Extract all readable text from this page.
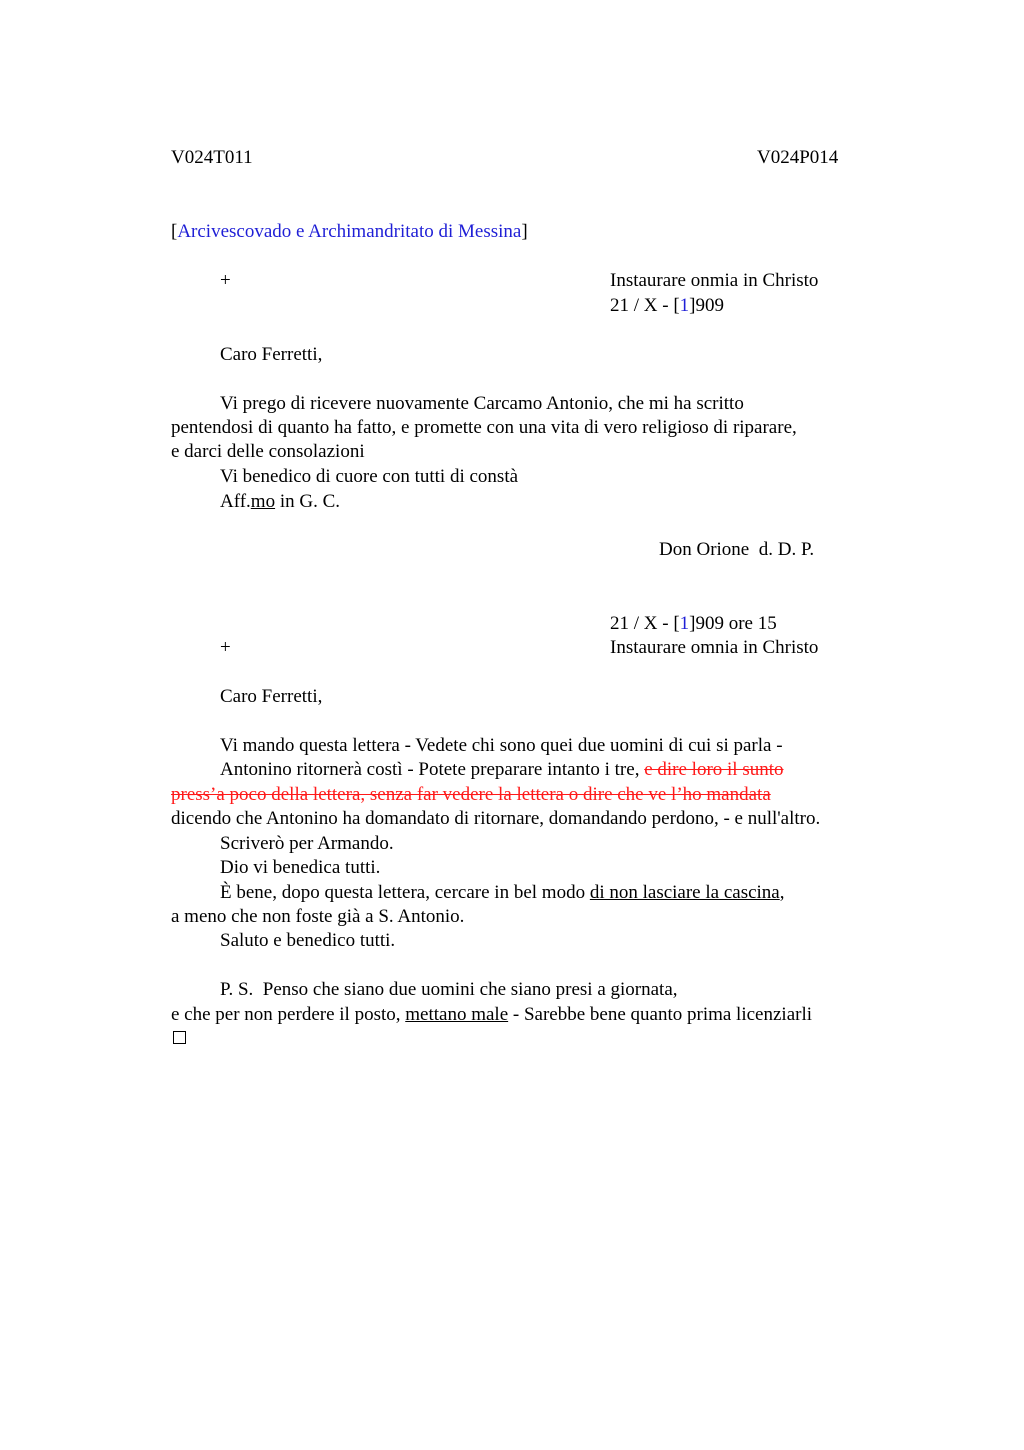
V024T011	V024P014
[Arcivescovado e Archimandritato di Messina]
+	Instaurare onmia in Christo
21 / X - [1]909
Caro Ferretti,
Vi prego di ricevere nuovamente Carcamo Antonio, che mi ha scritto
pentendosi di quanto ha fatto, e promette con una vita di vero religioso di riparare,
e darci delle consolazioni
Vi benedico di cuore con tutti di constà
Aff.mo in G. C.
Don Orione  d. D. P.
21 / X - [1]909 ore 15
+	Instaurare omnia in Christo
Caro Ferretti,
Vi mando questa lettera - Vedete chi sono quei due uomini di cui si parla -
Antonino ritornerà costì - Potete preparare intanto i tre, e dire loro il sunto
press’a poco della lettera, senza far vedere la lettera o dire che ve l’ho mandata
dicendo che Antonino ha domandato di ritornare, domandando perdono, - e null'altro.
Scriverò per Armando.
Dio vi benedica tutti.
È bene, dopo questa lettera, cercare in bel modo di non lasciare la cascina,
a meno che non foste già a S. Antonio.
Saluto e benedico tutti.
P. S.  Penso che siano due uomini che siano presi a giornata,
e che per non perdere il posto, mettano male - Sarebbe bene quanto prima licenziarli
